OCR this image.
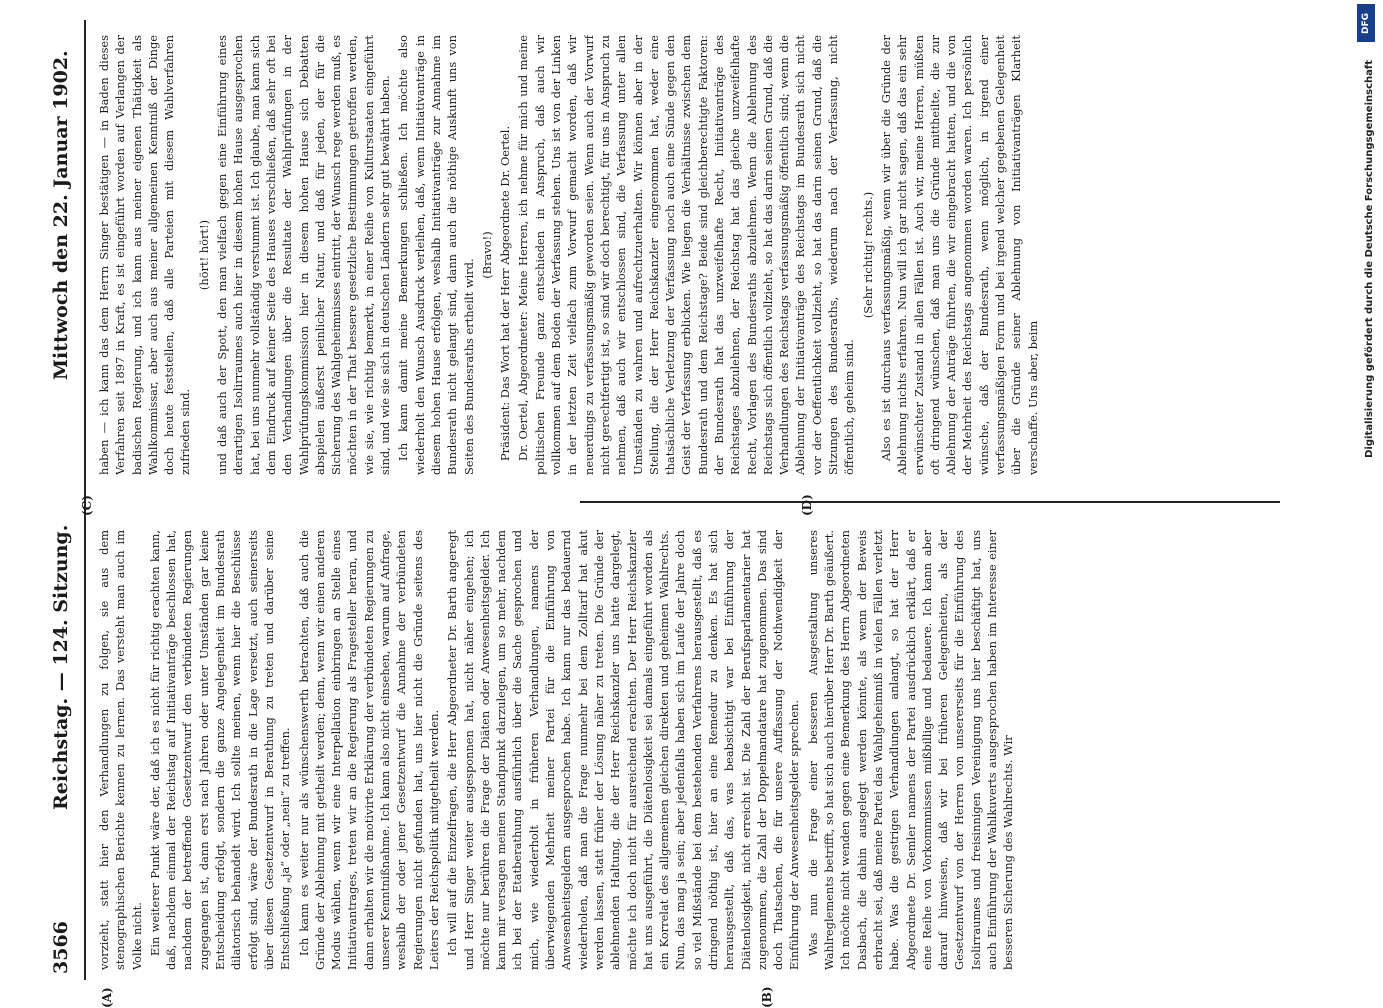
3566
Reichstag. — 124. Sitzung.
Mittwoch den 22. Januar 1902.

vorzieht, statt hier den Verhandlungen zu folgen, sie aus dem stenographischen Berichte kennen zu lernen. Das versteht man auch im Volke nicht. Ein weiterer Punkt wäre der, daß ich es nicht für richtig erachten kann, daß, nachdem einmal der Reichstag auf Initiativanträge beschlossen hat, nachdem der betreffende Gesetzentwurf den verbündeten Regierungen zugegangen ist, dann erst nach Jahren oder unter Umständen gar keine Entscheidung erfolgt, sondern die ganze Angelegenheit im Bundesrath dilatorisch behandelt wird. Ich sollte meinen, wenn hier die Beschlüsse erfolgt sind, wäre der Bundesrath in die Lage versetzt, auch seinerseits über diesen Gesetzentwurf in Berathung zu treten und darüber seine Entschließung „ja“ oder „nein“ zu treffen. Ich kann es weiter nur als wünschenswerth betrachten, daß auch die Gründe der Ablehnung mit getheilt werden; denn, wenn wir einen anderen Modus wählen, wenn wir eine Interpellation einbringen an Stelle eines Initiativantrages, treten wir an die Regierung als Fragesteller heran, und dann erhalten wir die motivirte Erklärung der verbündeten Regierungen zu unserer Kenntnißnahme. Ich kann also nicht einsehen, warum auf Anfrage, weshalb der oder jener Gesetzentwurf die Annahme der verbündeten Regierungen nicht gefunden hat, uns hier nicht die Gründe seitens des Leiters der Reichspolitik mitgetheilt werden. Ich will auf die Einzelfragen, die Herr Abgeordneter Dr. Barth angeregt und Herr Singer weiter ausgesponnen hat, nicht näher eingehen; ich möchte nur berühren die Frage der Diäten oder Anwesenheitsgelder. Ich kann mir versagen meinen Standpunkt darzulegen, um so mehr, nachdem ich bei der Etatberathung ausführlich über die Sache gesprochen und mich, wie wiederholt in früheren Verhandlungen, namens der überwiegenden Mehrheit meiner Partei für die Einführung von Anwesenheitsgeldern ausgesprochen habe. Ich kann nur das bedauernd wiederholen, daß man die Frage nunmehr bei dem Zolltarif hat akut werden lassen, statt früher der Lösung näher zu treten. Die Gründe der ablehnenden Haltung, die der Herr Reichskanzler uns hatte dargelegt, möchte ich doch nicht für ausreichend erachten. Der Herr Reichskanzler hat uns ausgeführt, die Diätenlosigkeit sei damals eingeführt worden als ein Korrelat des allgemeinen gleichen direkten und geheimen Wahlrechts. Nun, das mag ja sein; aber jedenfalls haben sich im Laufe der Jahre doch so viel Mißstände bei dem bestehenden Verfahrens herausgestellt, daß es dringend nöthig ist, hier an eine Remedur zu denken. Es hat sich herausgestellt, daß das, was beabsichtigt war bei Einführung der Diätenlosigkeit, nicht erreicht ist. Die Zahl der Berufsparlamentarier hat zugenommen, die Zahl der Doppelmandatare hat zugenommen. Das sind doch Thatsachen, die für unsere Auffassung der Nothwendigkeit der Einführung der Anwesenheitsgelder sprechen. Was nun die Frage einer besseren Ausgestaltung unseres Wahlreglements betrifft, so hat sich auch hierüber Herr Dr. Barth geäußert. Ich möchte nicht wenden gegen eine Bemerkung des Herrn Abgeordneten Dasbach, die dahin ausgelegt werden könnte, als wenn der Beweis erbracht sei, daß meine Partei das Wahlgeheimniß in vielen Fällen verletzt habe. Was die gestrigen Verhandlungen anlangt, so hat der Herr Abgeordnete Dr. Semler namens der Partei ausdrücklich erklärt, daß er eine Reihe von Vorkommnissen mißbillige und bedauere. Ich kann aber darauf hinweisen, daß wir bei früheren Gelegenheiten, als der Gesetzentwurf von der Herren von unsererseits für die Einführung des Isolirraumes und freisinnigen Vereinigung uns hier beschäftigt hat, uns auch Einführung der Wahlkuverts ausgesprochen haben im Interesse einer besseren Sicherung des Wahlrechts. Wir

haben — ich kann das dem Herrn Singer bestätigen — in Baden dieses Verfahren seit 1897 in Kraft, es ist eingeführt worden auf Verlangen der badischen Regierung, und ich kann aus meiner eigenen Thätigkeit als Wahlkommissar, aber auch aus meiner allgemeinen Kenntniß der Dinge doch heute feststellen, daß alle Parteien mit diesem Wahlverfahren zufrieden sind.

(hört! hört!) und daß auch der Spott, den man vielfach gegen eine Einführung eines derartigen Isolirraumes auch hier in diesem hohen Hause ausgesprochen hat, bei uns nunmehr vollständig verstummt ist. Ich glaube, man kann sich dem Eindruck auf keiner Seite des Hauses verschließen, daß sehr oft bei den Verhandlungen über die Resultate der Wahlprüfungen in der Wahlprüfungskommission hier in diesem hohen Hause sich Debatten abspielen äußerst peinlicher Natur, und daß für jeden, der für die Sicherung des Wahlgeheimnisses eintritt, der Wunsch rege werden muß, es möchten in der That bessere gesetzliche Bestimmungen getroffen werden, wie sie, wie richtig bemerkt, in einer Reihe von Kulturstaaten eingeführt sind, und wie sie sich in deutschen Ländern sehr gut bewährt haben. Ich kann damit meine Bemerkungen schließen. Ich möchte also wiederholt den Wunsch Ausdruck verleihen, daß, wenn Initiativanträge in diesem hohen Hause erfolgen, weshalb Initiativanträge zur Annahme im Bundesrath nicht gelangt sind, dann auch die nöthige Auskunft uns von Seiten des Bundesraths ertheilt wird.

(Bravo!) Präsident: Das Wort hat der Herr Abgeordnete Dr. Oertel. Dr. Oertel, Abgeordneter: Meine Herren, ich nehme für mich und meine politischen Freunde ganz entschieden in Anspruch, daß auch wir vollkommen auf dem Boden der Verfassung stehen. Uns ist von der Linken in der letzten Zeit vielfach zum Vorwurf gemacht worden, daß wir neuerdings zu verfassungsmäßig geworden seien. Wenn auch der Vorwurf nicht gerechtfertigt ist, so sind wir doch berechtigt, für uns in Anspruch zu nehmen, daß auch wir entschlossen sind, die Verfassung unter allen Umständen zu wahren und aufrechtzuerhalten. Wir können aber in der Stellung, die der Herr Reichskanzler eingenommen hat, weder eine thatsächliche Verletzung der Verfassung noch auch eine Sünde gegen den Geist der Verfassung erblicken. Wie liegen die Verhältnisse zwischen dem Bundesrath und dem Reichstage? Beide sind gleichberechtigte Faktoren: der Bundesrath hat das unzweifelhafte Recht, Initiativanträge des Reichstages abzulehnen, der Reichstag hat das gleiche unzweifelhafte Recht, Vorlagen des Bundesraths abzulehnen. Wenn die Ablehnung des Reichstags sich öffentlich vollzieht, so hat das darin seinen Grund, daß die Verhandlungen des Reichstags verfassungsmäßig öffentlich sind; wenn die Ablehnung der Initiativanträge des Reichstags im Bundesrath sich nicht vor der Oeffentlichkeit vollzieht, so hat das darin seinen Grund, daß die Sitzungen des Bundesraths, wiederum nach der Verfassung, nicht öffentlich, geheim sind.

(Sehr richtig! rechts.) Also es ist durchaus verfassungsmäßig, wenn wir über die Gründe der Ablehnung nichts erfahren. Nun will ich gar nicht sagen, daß das ein sehr erwünschter Zustand in allen Fällen ist. Auch wir, meine Herren, müßten oft dringend wünschen, daß man uns die Gründe mittheilte, die zur Ablehnung der Anträge führten, die wir eingebracht hatten, und die von der Mehrheit des Reichstags angenommen worden waren. Ich persönlich wünsche, daß der Bundesrath, wenn möglich, in irgend einer verfassungsmäßigen Form und bei irgend welcher gegebenen Gelegenheit über die Gründe seiner Ablehnung von Initiativanträgen Klarheit verschaffe. Uns aber, beim

(A)	(B)
(C)	(D)
DFG
Digitalisierung gefördert durch die Deutsche Forschungsgemeinschaft
